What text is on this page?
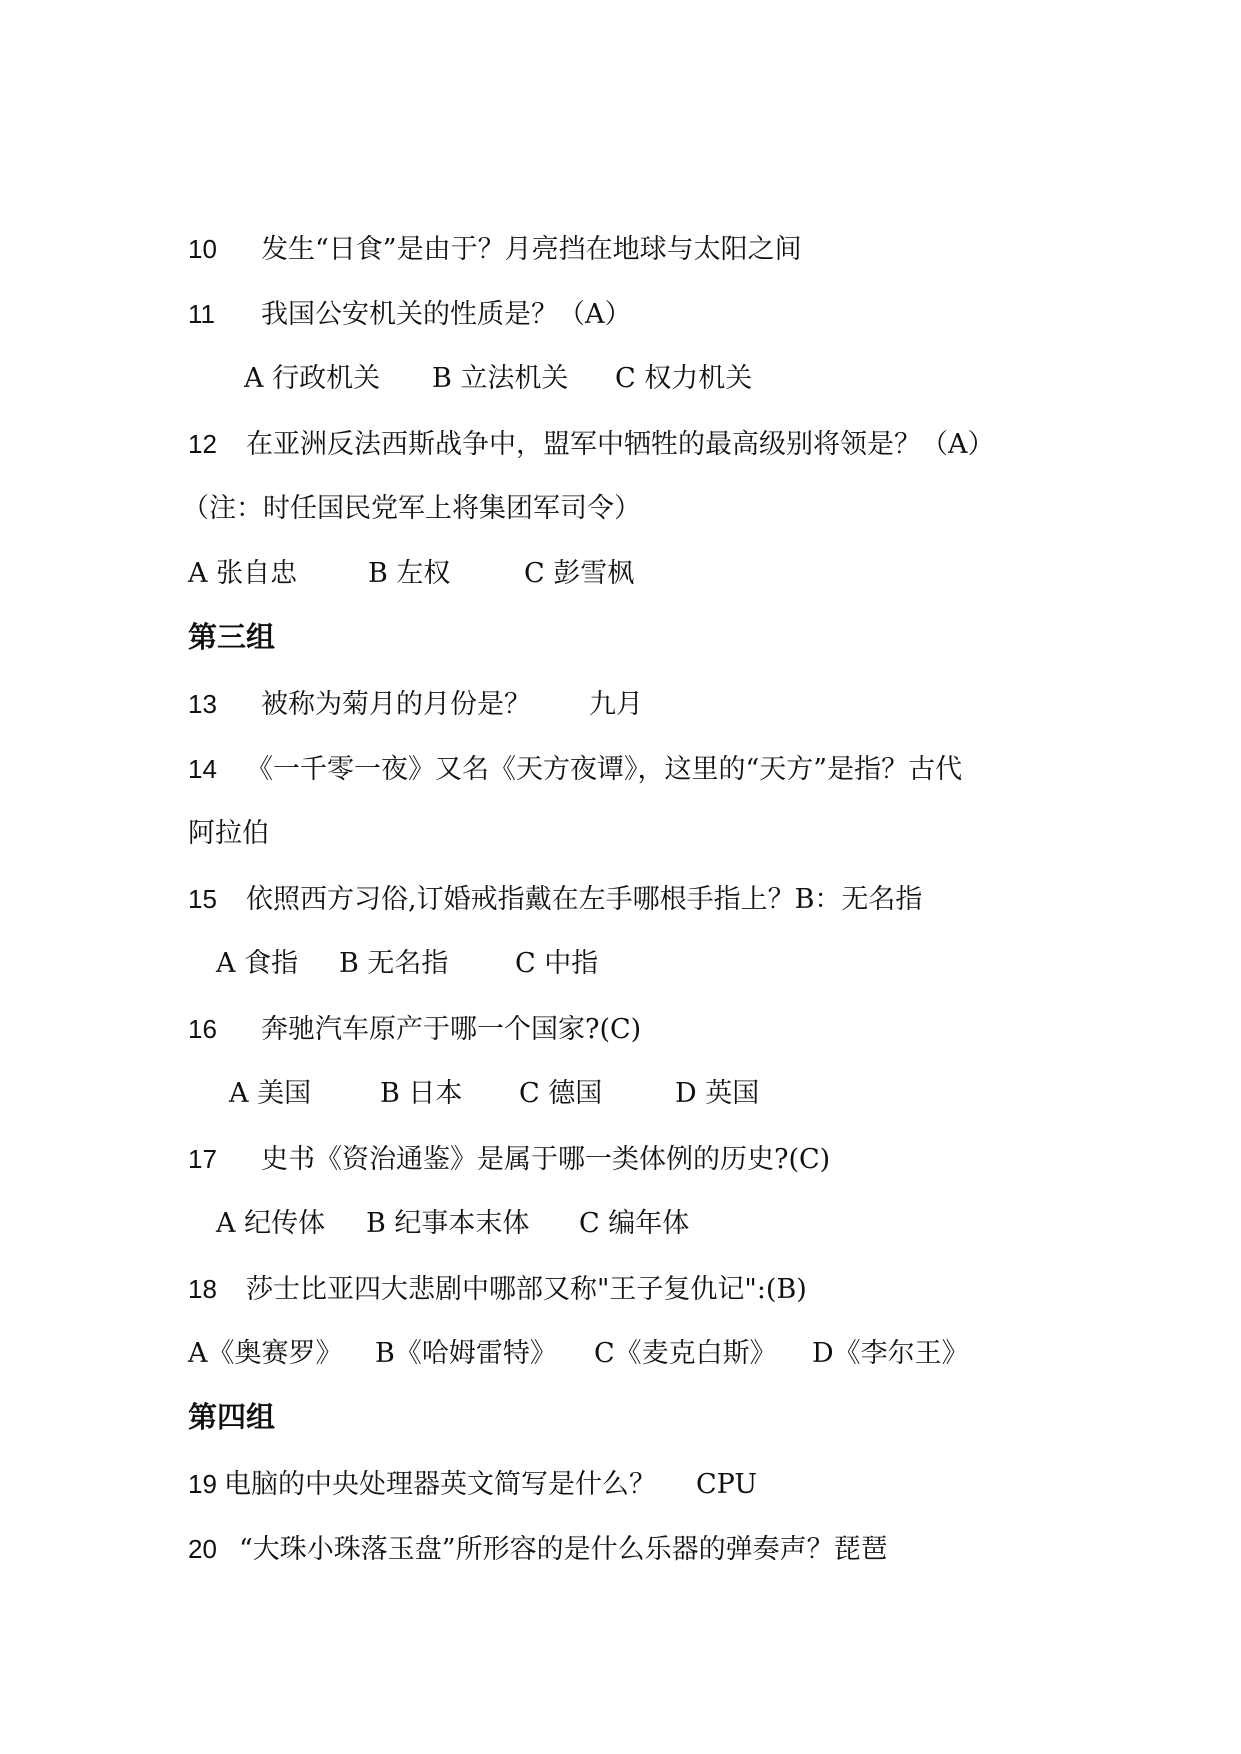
10 发生“日食”是由于？月亮挡在地球与太阳之间
11 我国公安机关的性质是？（A）
A 行政机关 B 立法机关 C 权力机关
12 在亚洲反法西斯战争中，盟军中牺牲的最高级别将领是？（A）
（注：时任国民党军上将集团军司令）
A 张自忠	B 左权	C 彭雪枫
第三组
13 被称为菊月的月份是？ 九月
14 《一千零一夜》又名《天方夜谭》，这里的“天方”是指？古代
阿拉伯
15 依照西方习俗,订婚戒指戴在左手哪根手指上？B：无名指
A 食指 B 无名指 C 中指
16 奔驰汽车原产于哪一个国家?(C)
A 美国	B 日本 C 德国	D 英国
17 史书《资治通鉴》是属于哪一类体例的历史?(C)
A 纪传体 B 纪事本末体 C 编年体
18 莎士比亚四大悲剧中哪部又称"王子复仇记":(B)
A《奥赛罗》 B《哈姆雷特》 C《麦克白斯》 D《李尔王》
第四组
19 电脑的中央处理器英文简写是什么？ CPU
20 “大珠小珠落玉盘”所形容的是什么乐器的弹奏声？琵琶
